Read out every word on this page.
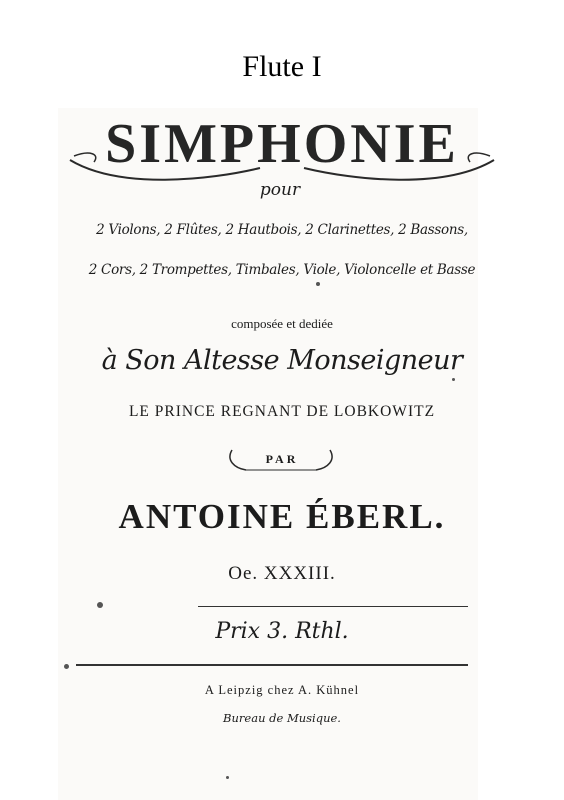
Flute I
SIMPHONIE
pour
2 Violons, 2 Flûtes, 2 Hautbois, 2 Clarinettes, 2 Bassons,
2 Cors, 2 Trompettes, Timbales, Viole, Violoncelle et Basse
composée et dediée
à Son Altesse Monseigneur
LE PRINCE REGNANT DE LOBKOWITZ
PAR
ANTOINE ÉBERL.
Oe. XXXIII.
Prix 3. Rthl.
A Leipzig chez A. Kühnel
Bureau de Musique.
